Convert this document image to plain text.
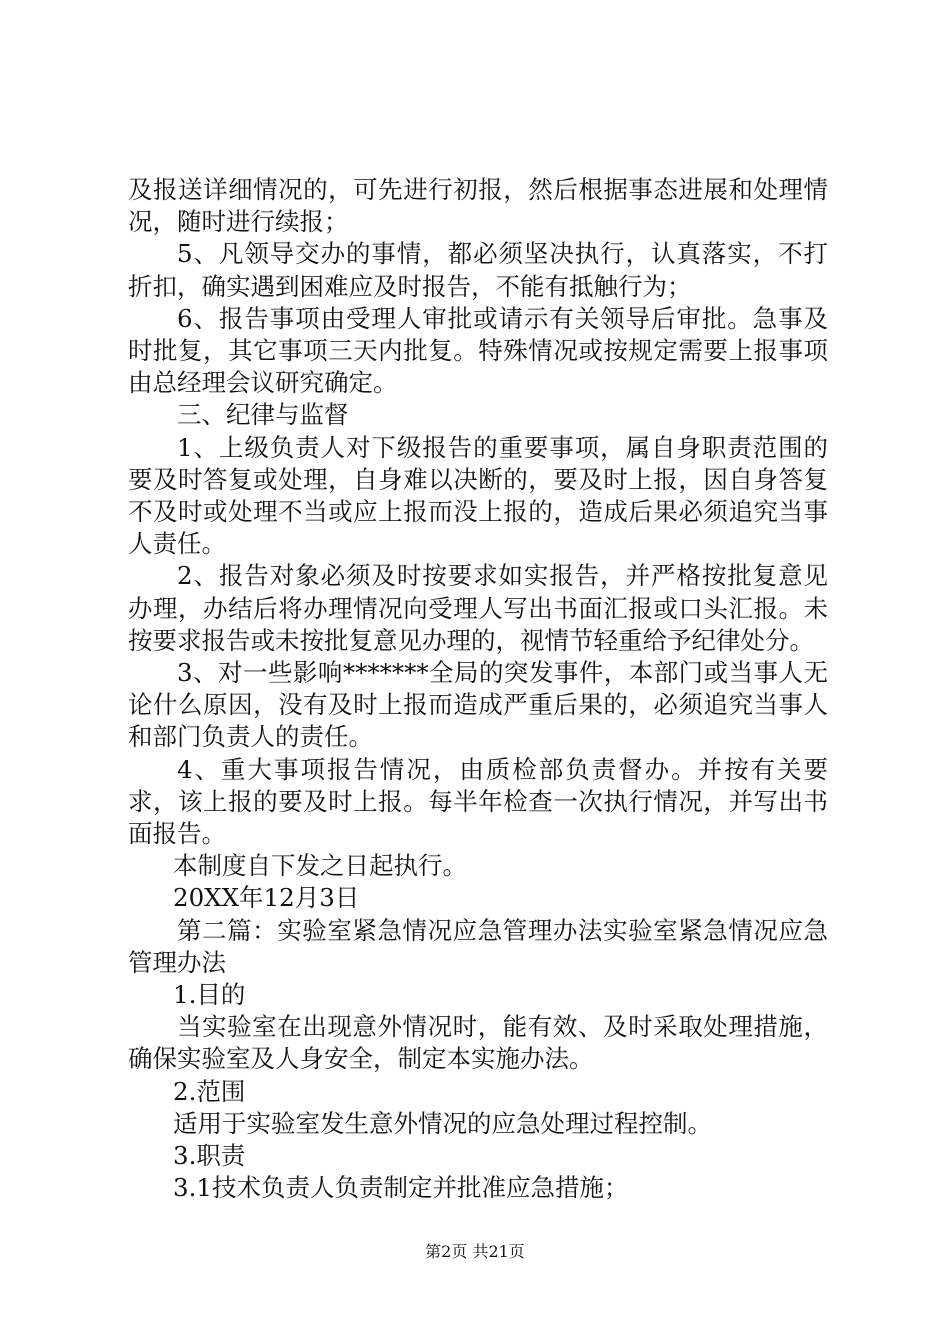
及报送详细情况的，可先进行初报，然后根据事态进展和处理情况，随时进行续报；

5、凡领导交办的事情，都必须坚决执行，认真落实，不打折扣，确实遇到困难应及时报告，不能有抵触行为；

6、报告事项由受理人审批或请示有关领导后审批。急事及时批复，其它事项三天内批复。特殊情况或按规定需要上报事项由总经理会议研究确定。

三、纪律与监督

1、上级负责人对下级报告的重要事项，属自身职责范围的要及时答复或处理，自身难以决断的，要及时上报，因自身答复不及时或处理不当或应上报而没上报的，造成后果必须追究当事人责任。

2、报告对象必须及时按要求如实报告，并严格按批复意见办理，办结后将办理情况向受理人写出书面汇报或口头汇报。未按要求报告或未按批复意见办理的，视情节轻重给予纪律处分。

3、对一些影响*******全局的突发事件，本部门或当事人无论什么原因，没有及时上报而造成严重后果的，必须追究当事人和部门负责人的责任。

4、重大事项报告情况，由质检部负责督办。并按有关要求，该上报的要及时上报。每半年检查一次执行情况，并写出书面报告。

本制度自下发之日起执行。

20XX年12月3日

第二篇：实验室紧急情况应急管理办法实验室紧急情况应急管理办法

1.目的

当实验室在出现意外情况时，能有效、及时采取处理措施，确保实验室及人身安全，制定本实施办法。

2.范围

适用于实验室发生意外情况的应急处理过程控制。

3.职责

3.1技术负责人负责制定并批准应急措施；

第2页 共21页
